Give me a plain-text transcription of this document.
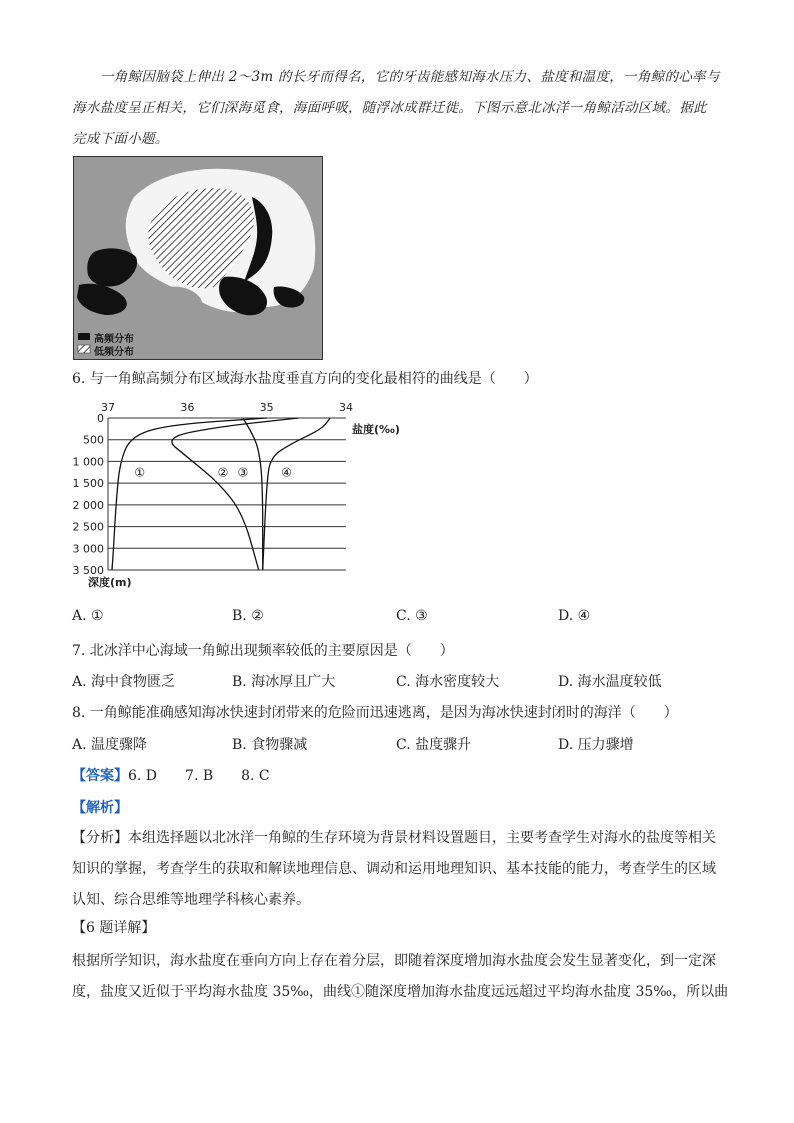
一角鲸因脑袋上伸出 2～3m 的长牙而得名，它的牙齿能感知海水压力、盐度和温度，一角鲸的心率与
海水盐度呈正相关，它们深海觅食，海面呼吸，随浮冰成群迁徙。下图示意北冰洋一角鲸活动区域。据此
完成下面小题。
高频分布
低频分布
6. 与一角鲸高频分布区域海水盐度垂直方向的变化最相符的曲线是（　　）
37	36	35	34
0
500
1 000
1 500
2 000
2 500
3 000
3 500
盐度(‰)
深度(m)
①	② ③	④
A. ①	B. ②	C. ③	D. ④
7. 北冰洋中心海域一角鲸出现频率较低的主要原因是（　　）
A. 海中食物匮乏	B. 海冰厚且广大	C. 海水密度较大	D. 海水温度较低
8. 一角鲸能准确感知海冰快速封闭带来的危险而迅速逃离，是因为海冰快速封闭时的海洋（　　）
A. 温度骤降	B. 食物骤减	C. 盐度骤升	D. 压力骤增
【答案】6. D　　7. B　　8. C
【解析】
【分析】本组选择题以北冰洋一角鲸的生存环境为背景材料设置题目，主要考查学生对海水的盐度等相关
知识的掌握，考查学生的获取和解读地理信息、调动和运用地理知识、基本技能的能力，考查学生的区域
认知、综合思维等地理学科核心素养。
【6 题详解】
根据所学知识，海水盐度在垂向方向上存在着分层，即随着深度增加海水盐度会发生显著变化，到一定深
度，盐度又近似于平均海水盐度 35‰，曲线①随深度增加海水盐度远远超过平均海水盐度 35‰，所以曲
